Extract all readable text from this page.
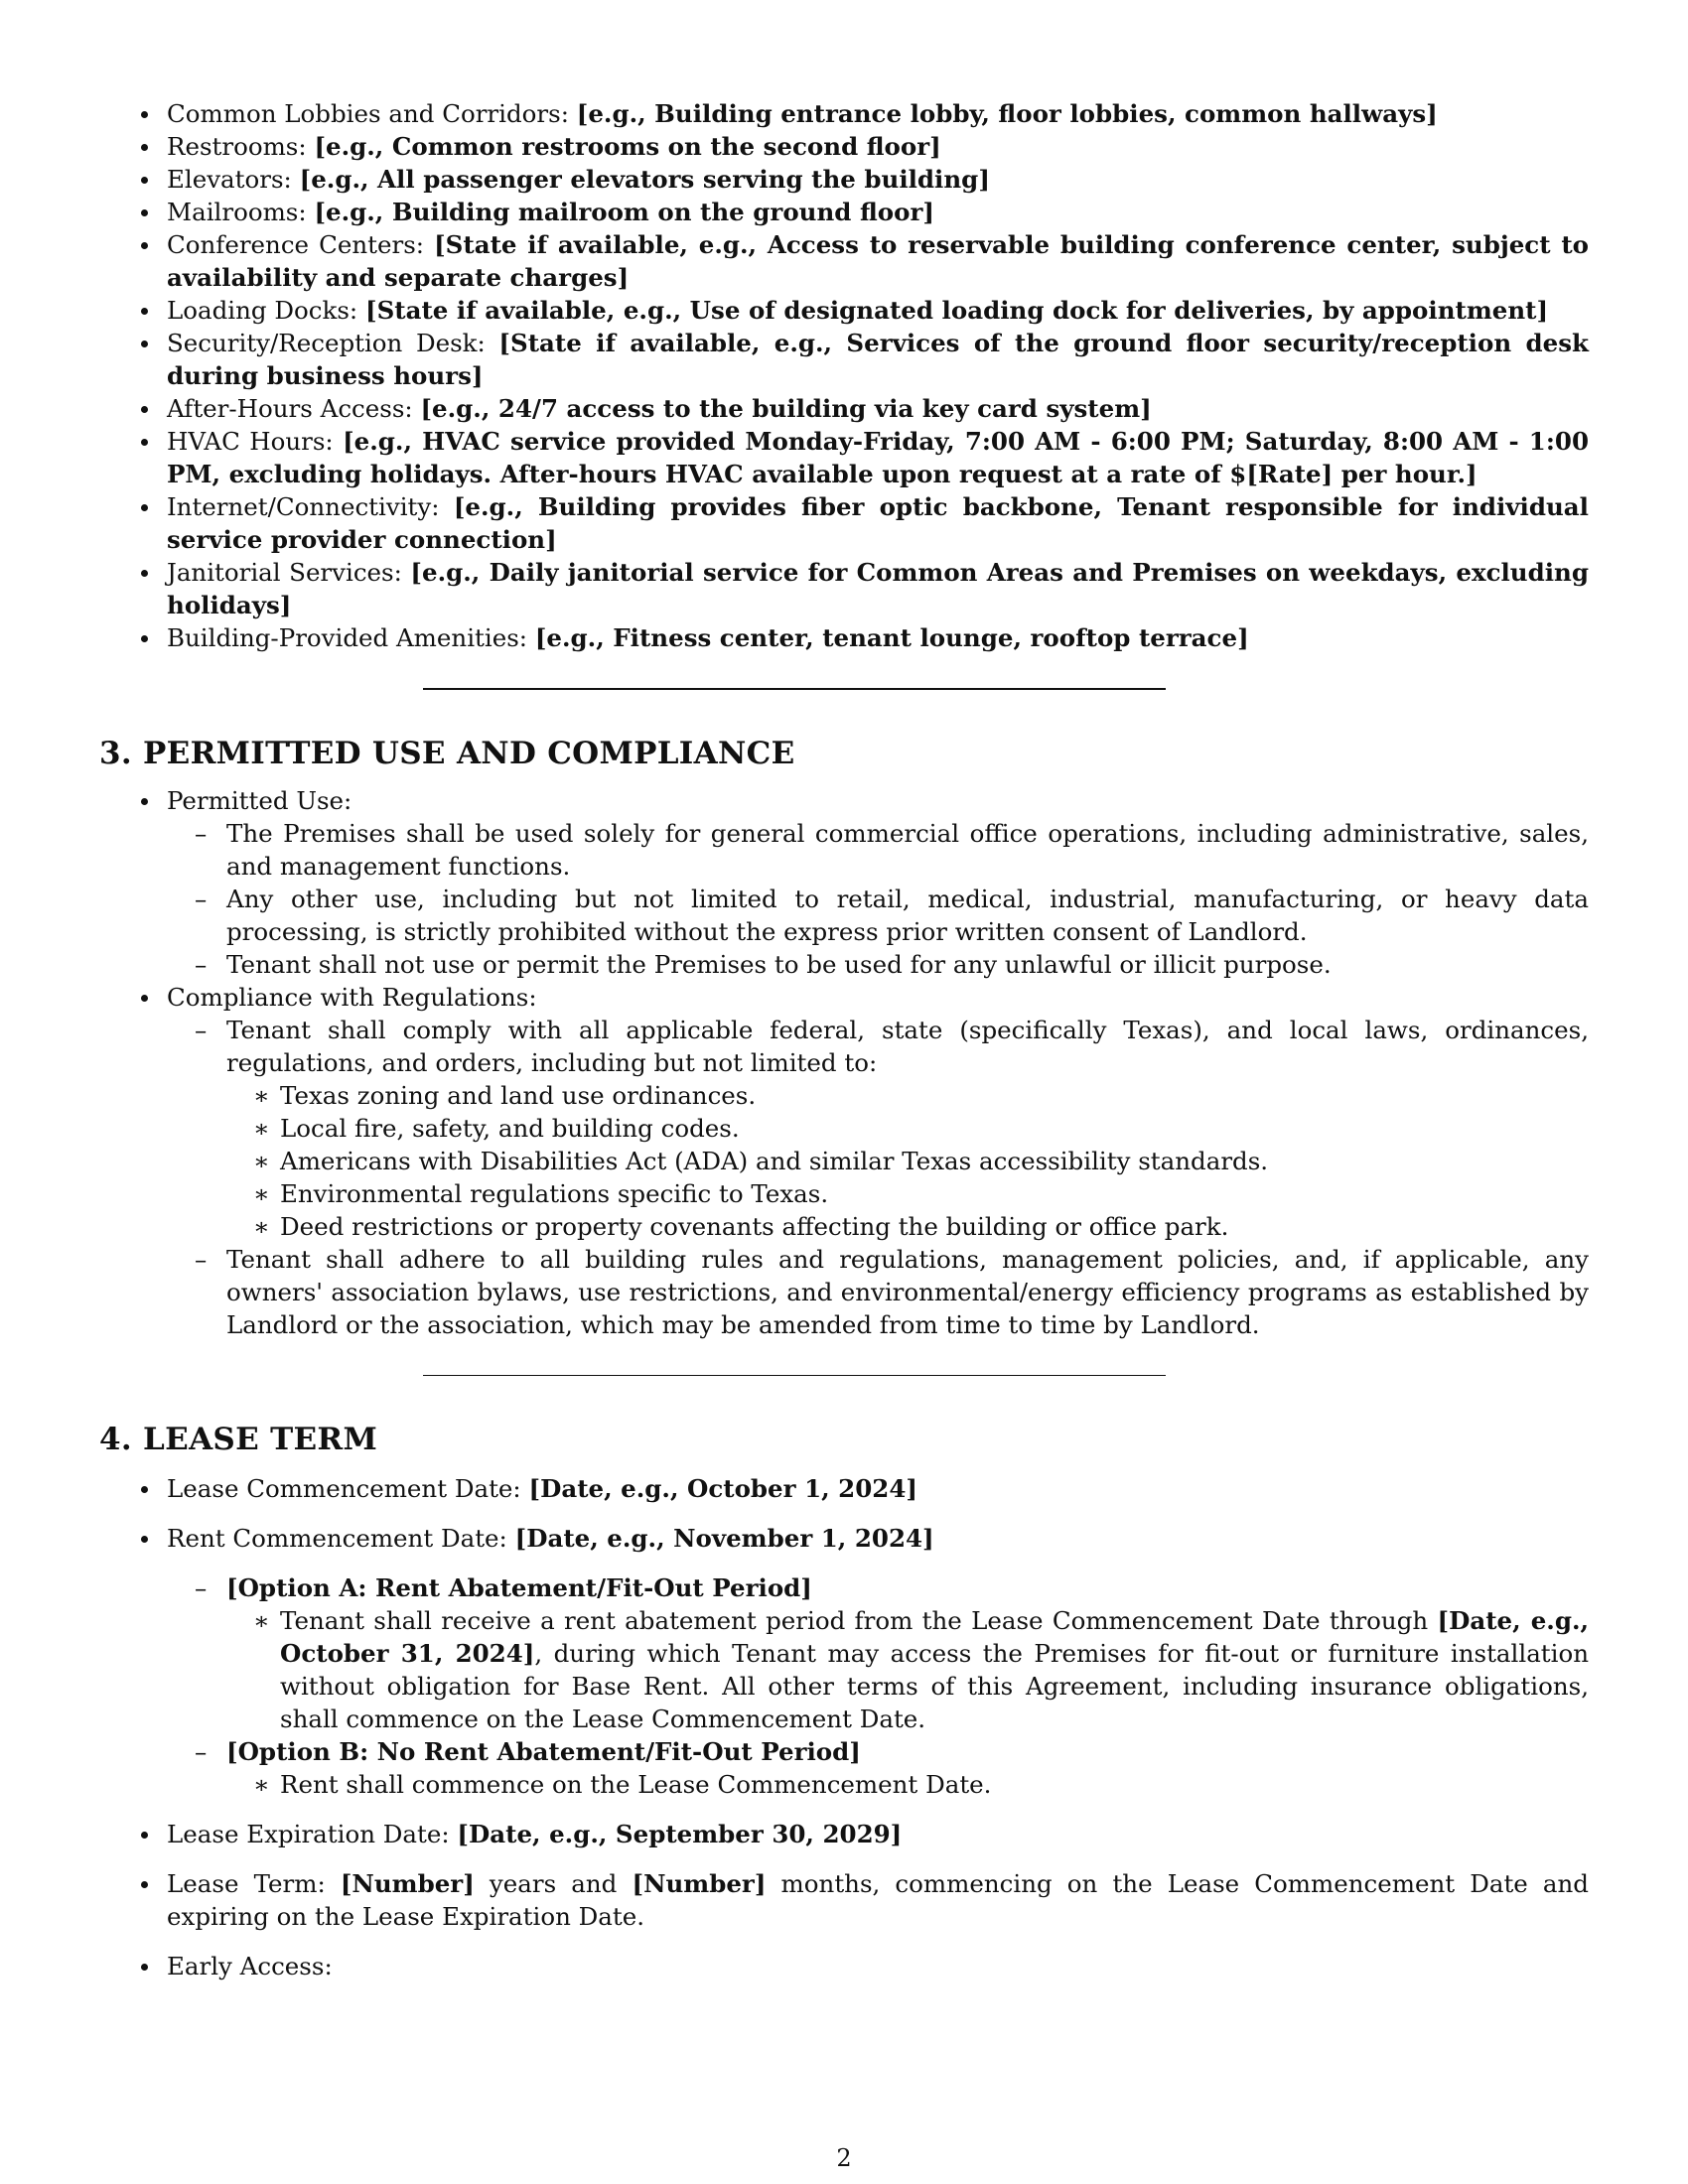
Common Lobbies and Corridors: [e.g., Building entrance lobby, floor lobbies, common hallways]
Restrooms: [e.g., Common restrooms on the second floor]
Elevators: [e.g., All passenger elevators serving the building]
Mailrooms: [e.g., Building mailroom on the ground floor]
Conference Centers: [State if available, e.g., Access to reservable building conference center, subject to availability and separate charges]
Loading Docks: [State if available, e.g., Use of designated loading dock for deliveries, by appointment]
Security/Reception Desk: [State if available, e.g., Services of the ground floor security/reception desk during business hours]
After-Hours Access: [e.g., 24/7 access to the building via key card system]
HVAC Hours: [e.g., HVAC service provided Monday-Friday, 7:00 AM - 6:00 PM; Saturday, 8:00 AM - 1:00 PM, excluding holidays. After-hours HVAC available upon request at a rate of $[Rate] per hour.]
Internet/Connectivity: [e.g., Building provides fiber optic backbone, Tenant responsible for individual service provider connection]
Janitorial Services: [e.g., Daily janitorial service for Common Areas and Premises on weekdays, excluding holidays]
Building-Provided Amenities: [e.g., Fitness center, tenant lounge, rooftop terrace]
3. PERMITTED USE AND COMPLIANCE
Permitted Use:
– The Premises shall be used solely for general commercial office operations, including administrative, sales, and management functions.
– Any other use, including but not limited to retail, medical, industrial, manufacturing, or heavy data processing, is strictly prohibited without the express prior written consent of Landlord.
– Tenant shall not use or permit the Premises to be used for any unlawful or illicit purpose.
Compliance with Regulations:
– Tenant shall comply with all applicable federal, state (specifically Texas), and local laws, ordinances, regulations, and orders, including but not limited to:
∗ Texas zoning and land use ordinances.
∗ Local fire, safety, and building codes.
∗ Americans with Disabilities Act (ADA) and similar Texas accessibility standards.
∗ Environmental regulations specific to Texas.
∗ Deed restrictions or property covenants affecting the building or office park.
– Tenant shall adhere to all building rules and regulations, management policies, and, if applicable, any owners' association bylaws, use restrictions, and environmental/energy efficiency programs as established by Landlord or the association, which may be amended from time to time by Landlord.
4. LEASE TERM
Lease Commencement Date: [Date, e.g., October 1, 2024]
Rent Commencement Date: [Date, e.g., November 1, 2024]
– [Option A: Rent Abatement/Fit-Out Period]
∗ Tenant shall receive a rent abatement period from the Lease Commencement Date through [Date, e.g., October 31, 2024], during which Tenant may access the Premises for fit-out or furniture installation without obligation for Base Rent. All other terms of this Agreement, including insurance obligations, shall commence on the Lease Commencement Date.
– [Option B: No Rent Abatement/Fit-Out Period]
∗ Rent shall commence on the Lease Commencement Date.
Lease Expiration Date: [Date, e.g., September 30, 2029]
Lease Term: [Number] years and [Number] months, commencing on the Lease Commencement Date and expiring on the Lease Expiration Date.
Early Access:
2
